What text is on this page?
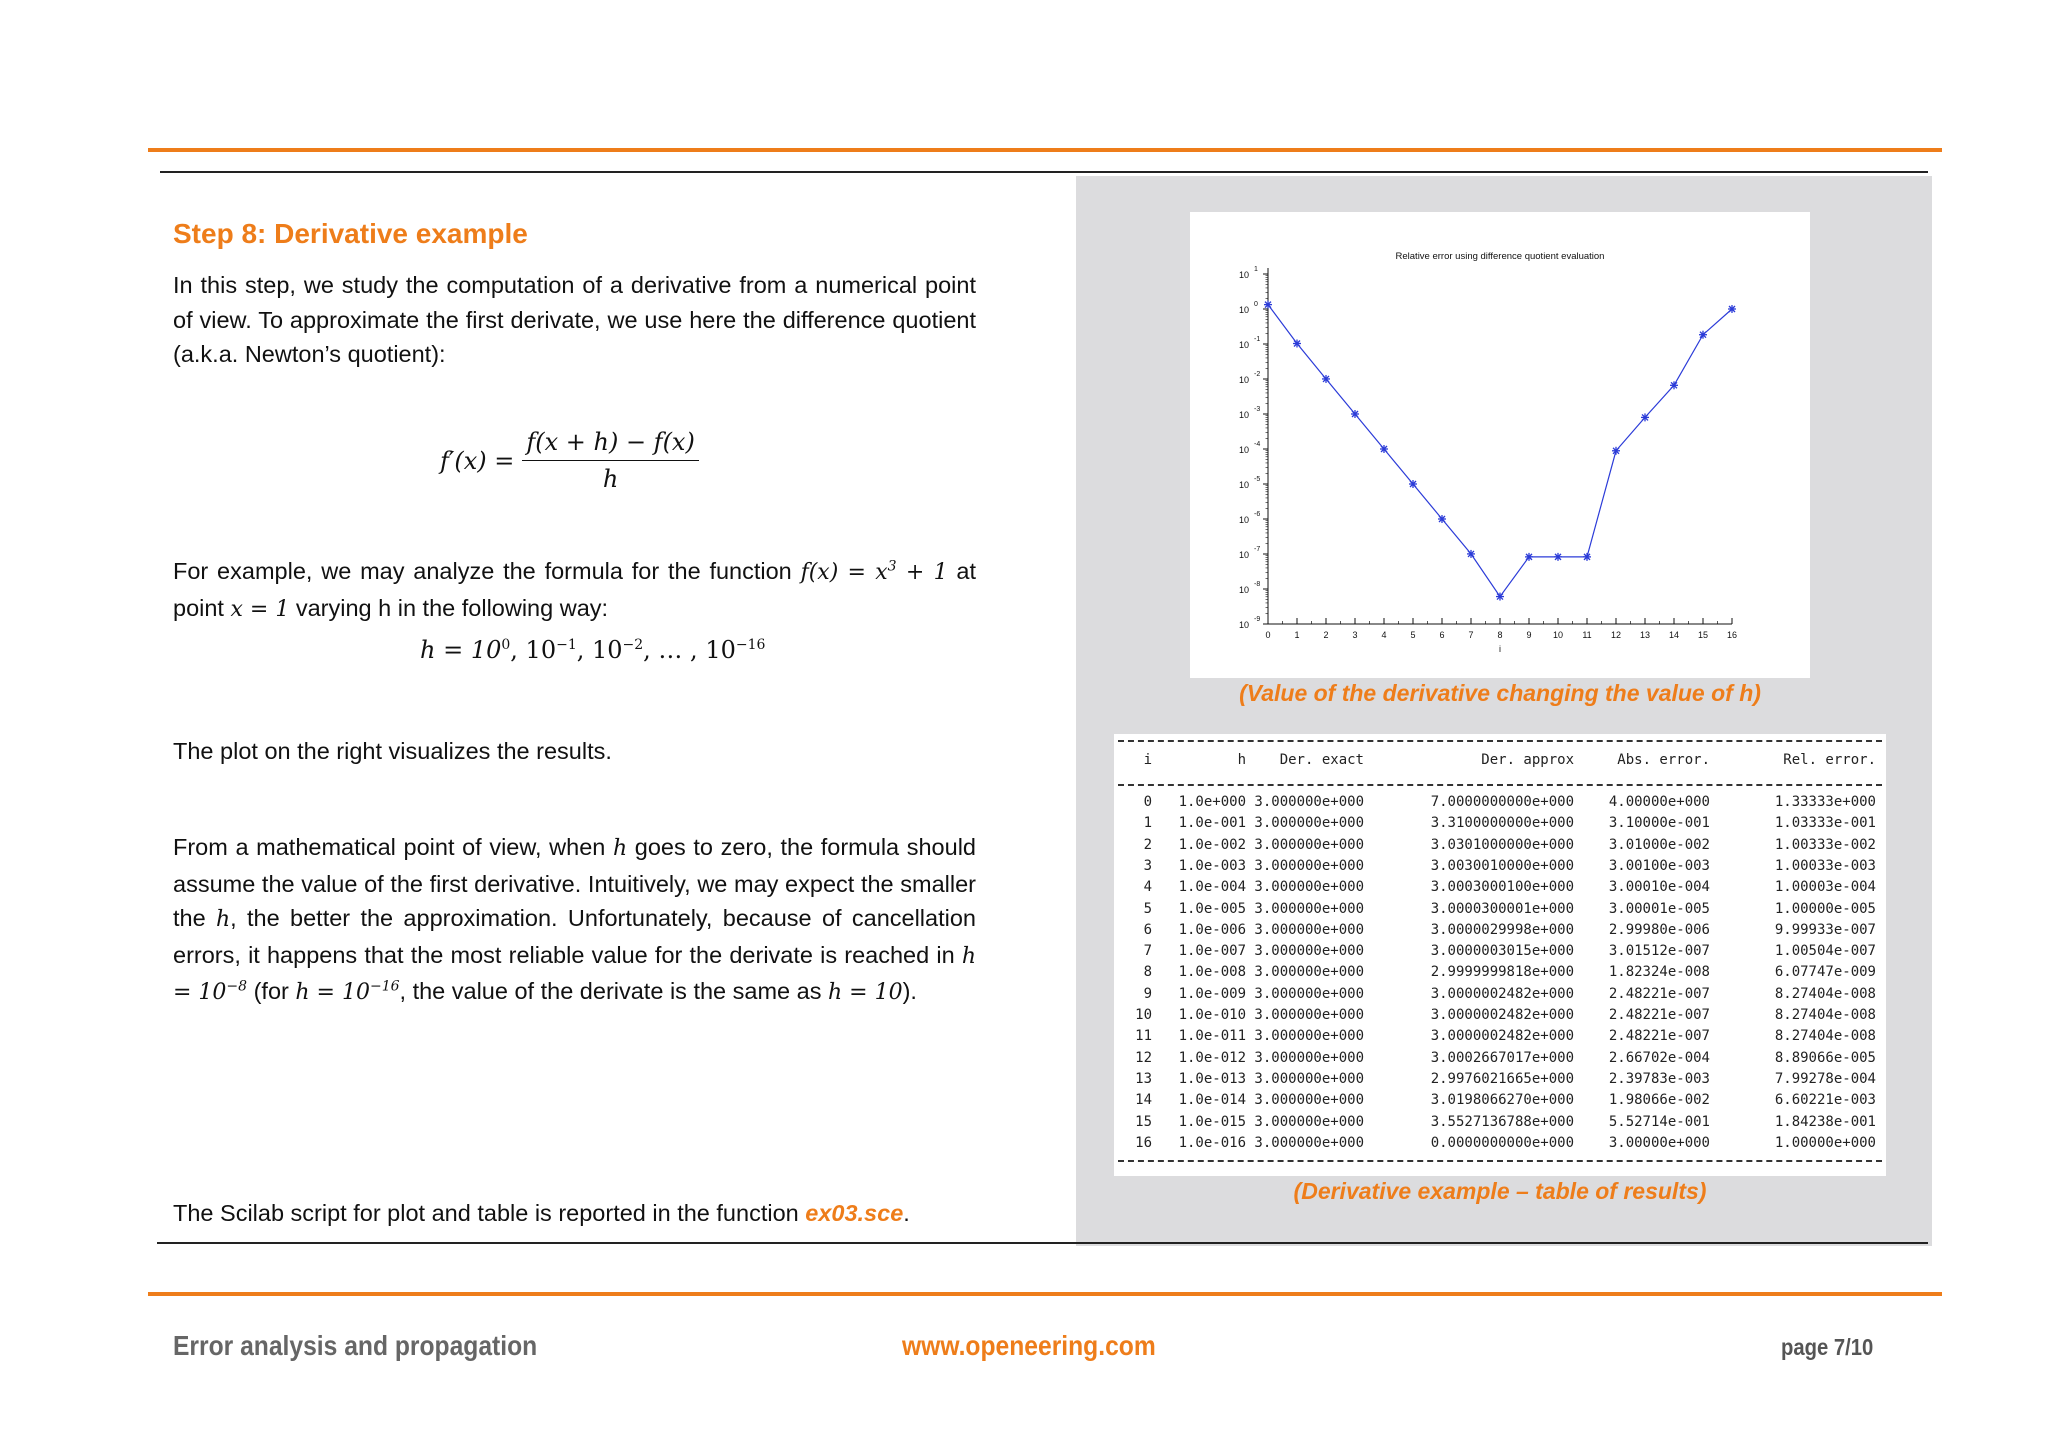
Step 8: Derivative example
In this step, we study the computation of a derivative from a numerical point of view. To approximate the first derivate, we use here the difference quotient (a.k.a. Newton’s quotient):
$f'(x) = \frac{f(x + h) - f(x)}{h}$
For example, we may analyze the formula for the function $f(x) = x^3 + 1$ at point x = 1 varying h in the following way:
$h = 10^0$, $10^{-1}$, $10^{-2}$, … , $10^{-16}$
The plot on the right visualizes the results.
From a mathematical point of view, when h goes to zero, the formula should assume the value of the first derivative. Intuitively, we may expect the smaller the h, the better the approximation. Unfortunately, because of cancellation errors, it happens that the most reliable value for the derivate is reached in $h = 10^{-8}$ (for $h = 10^{-16}$, the value of the derivate is the same as h = 10).
The Scilab script for plot and table is reported in the function ex03.sce.
Relative error using difference quotient evaluation
10
1
10
0
10
-1
10
-2
10
-3
10
-4
10
-5
10
-6
10
-7
10
-8
10
-9
0	1	2	3	4	5	6	7	8	9 10 11 12 13 14 15 16
i
(Value of the derivative changing the value of h)
i	h	Der. exact	Der. approx	Abs. error.	Rel. error.
0	1.0e+000 3.000000e+000	7.0000000000e+000	4.00000e+000	1.33333e+000
1	1.0e-001 3.000000e+000	3.3100000000e+000	3.10000e-001	1.03333e-001
2	1.0e-002 3.000000e+000	3.0301000000e+000	3.01000e-002	1.00333e-002
3	1.0e-003 3.000000e+000	3.0030010000e+000	3.00100e-003	1.00033e-003
4	1.0e-004 3.000000e+000	3.0003000100e+000	3.00010e-004	1.00003e-004
5	1.0e-005 3.000000e+000	3.0000300001e+000	3.00001e-005	1.00000e-005
6	1.0e-006 3.000000e+000	3.0000029998e+000	2.99980e-006	9.99933e-007
7	1.0e-007 3.000000e+000	3.0000003015e+000	3.01512e-007	1.00504e-007
8	1.0e-008 3.000000e+000	2.9999999818e+000	1.82324e-008	6.07747e-009
9	1.0e-009 3.000000e+000	3.0000002482e+000	2.48221e-007	8.27404e-008
10	1.0e-010 3.000000e+000	3.0000002482e+000	2.48221e-007	8.27404e-008
11	1.0e-011 3.000000e+000	3.0000002482e+000	2.48221e-007	8.27404e-008
12	1.0e-012 3.000000e+000	3.0002667017e+000	2.66702e-004	8.89066e-005
13	1.0e-013 3.000000e+000	2.9976021665e+000	2.39783e-003	7.99278e-004
14	1.0e-014 3.000000e+000	3.0198066270e+000	1.98066e-002	6.60221e-003
15	1.0e-015 3.000000e+000	3.5527136788e+000	5.52714e-001	1.84238e-001
16	1.0e-016 3.000000e+000	0.0000000000e+000	3.00000e+000	1.00000e+000
(Derivative example – table of results)
Error analysis and propagation	www.openeering.com	page 7/10
